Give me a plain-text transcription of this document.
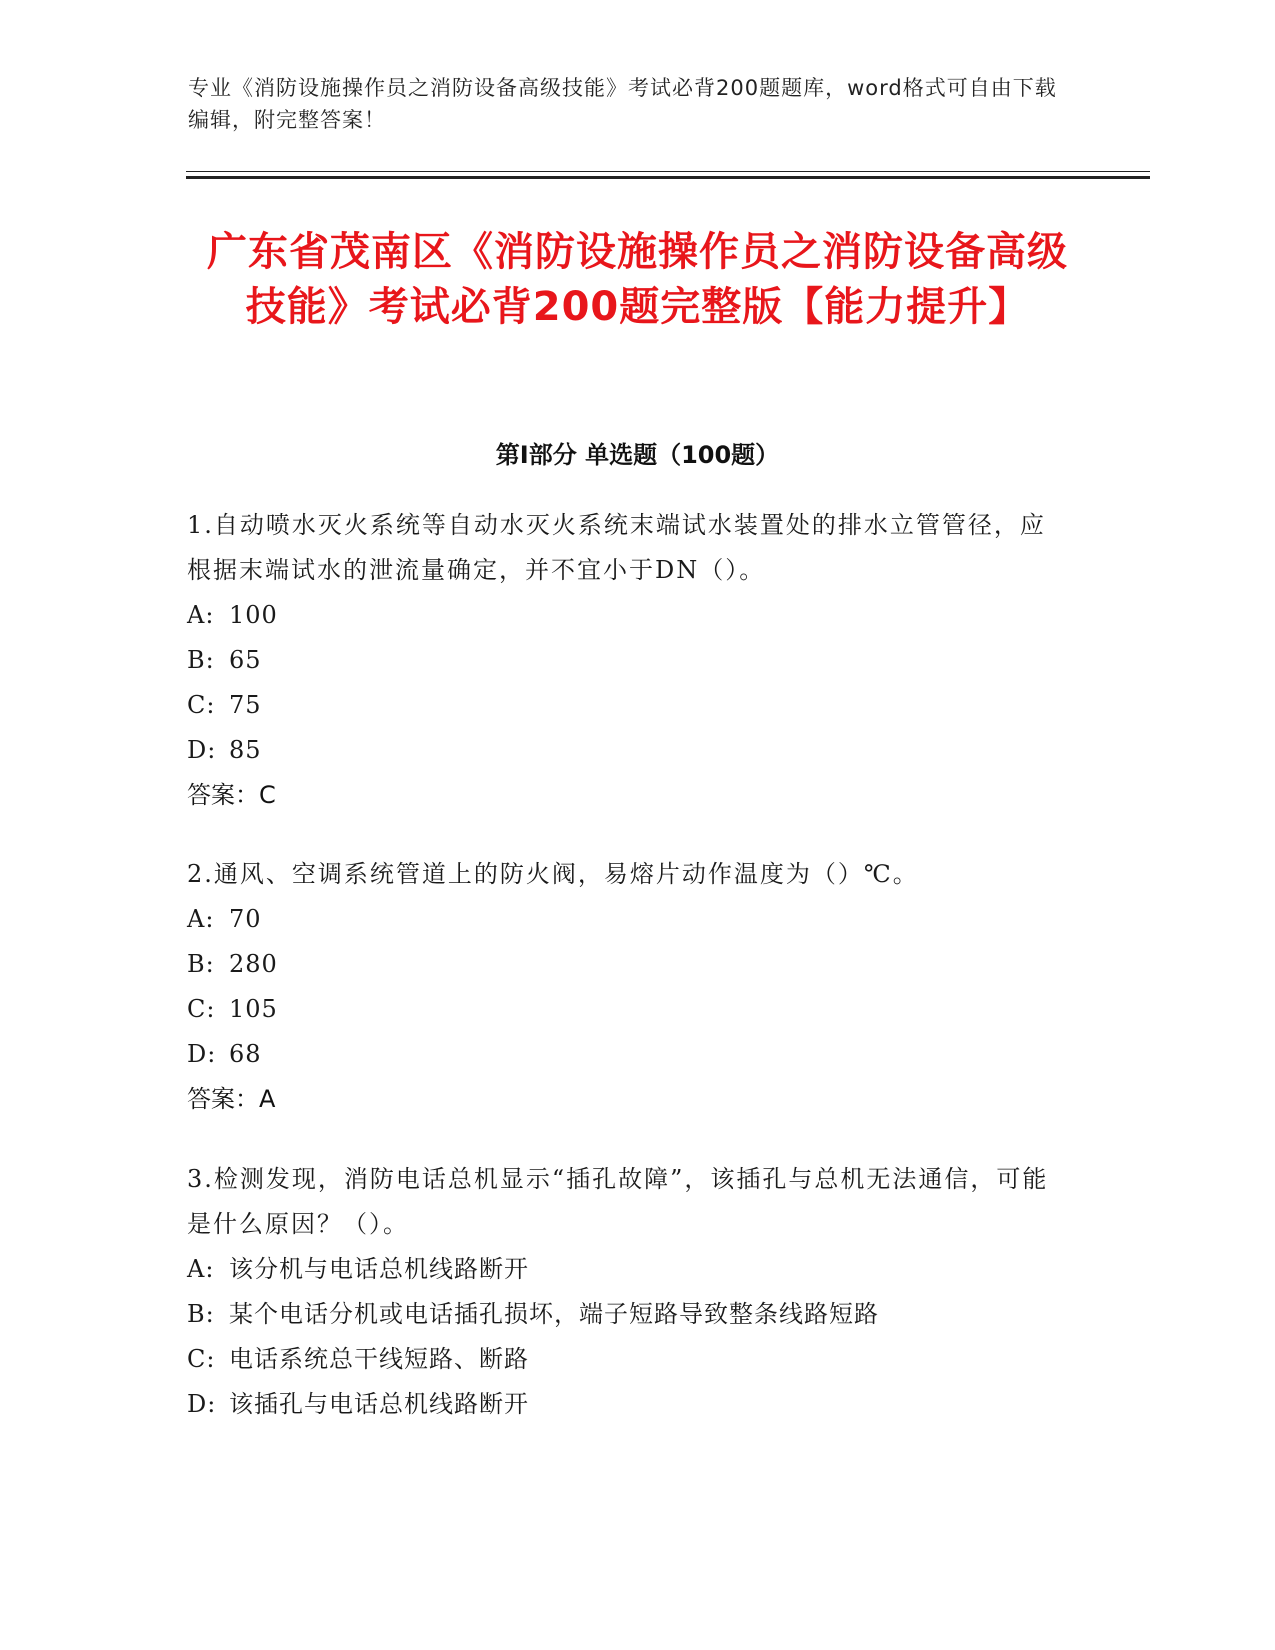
专业《消防设施操作员之消防设备高级技能》考试必背200题题库，word格式可自由下载编辑，附完整答案！
广东省茂南区《消防设施操作员之消防设备高级技能》考试必背200题完整版【能力提升】
第Ⅰ部分 单选题（100题）

1.自动喷水灭火系统等自动水灭火系统末端试水装置处的排水立管管径，应根据末端试水的泄流量确定，并不宜小于DN（）。

A: 100

B: 65

C: 75

D: 85

答案：C

2.通风、空调系统管道上的防火阀，易熔片动作温度为（）℃。

A: 70

B: 280

C: 105

D: 68

答案：A

3.检测发现，消防电话总机显示“插孔故障”，该插孔与总机无法通信，可能是什么原因？（）。

A: 该分机与电话总机线路断开

B: 某个电话分机或电话插孔损坏，端子短路导致整条线路短路

C: 电话系统总干线短路、断路

D: 该插孔与电话总机线路断开
